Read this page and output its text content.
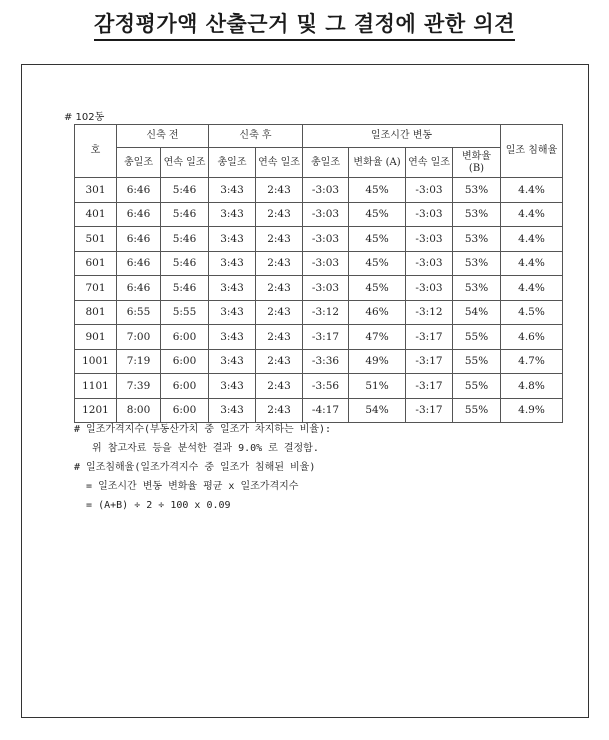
감정평가액 산출근거 및 그 결정에 관한 의견
# 102동
호	신축 전		신축 후		일조시간 변동				일조 침해율
	총일조	연속 일조	총일조	연속 일조	총일조	변화율 (A)	연속 일조	변화율 (B)	
301	6:46	5:46	3:43	2:43	-3:03	45%	-3:03	53%	4.4%
401	6:46	5:46	3:43	2:43	-3:03	45%	-3:03	53%	4.4%
501	6:46	5:46	3:43	2:43	-3:03	45%	-3:03	53%	4.4%
601	6:46	5:46	3:43	2:43	-3:03	45%	-3:03	53%	4.4%
701	6:46	5:46	3:43	2:43	-3:03	45%	-3:03	53%	4.4%
801	6:55	5:55	3:43	2:43	-3:12	46%	-3:12	54%	4.5%
901	7:00	6:00	3:43	2:43	-3:17	47%	-3:17	55%	4.6%
1001	7:19	6:00	3:43	2:43	-3:36	49%	-3:17	55%	4.7%
1101	7:39	6:00	3:43	2:43	-3:56	51%	-3:17	55%	4.8%
1201	8:00	6:00	3:43	2:43	-4:17	54%	-3:17	55%	4.9%
# 일조가격지수(부동산가치 중 일조가 차지하는 비율):
위 참고자료 등을 분석한 결과 9.0% 로 결정함.
# 일조침해율(일조가격지수 중 일조가 침해된 비율)
= 일조시간 변동 변화율 평균 x 일조가격지수
= (A+B) ÷ 2 ÷ 100 x 0.09
